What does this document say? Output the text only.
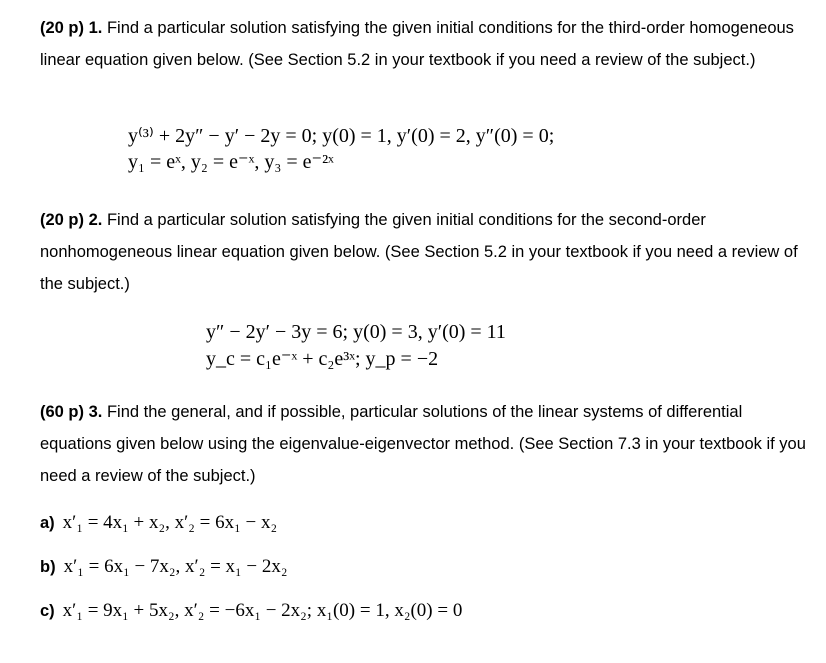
(20 p) 1. Find a particular solution satisfying the given initial conditions for the third-order homogeneous linear equation given below. (See Section 5.2 in your textbook if you need a review of the subject.)
y⁽³⁾ + 2y″ − y′ − 2y = 0; y(0) = 1, y′(0) = 2, y″(0) = 0;
y₁ = eˣ, y₂ = e⁻ˣ, y₃ = e⁻²ˣ
(20 p) 2. Find a particular solution satisfying the given initial conditions for the second-order nonhomogeneous linear equation given below. (See Section 5.2 in your textbook if you need a review of the subject.)
y″ − 2y′ − 3y = 6; y(0) = 3, y′(0) = 11
y_c = c₁e⁻ˣ + c₂e³ˣ; y_p = −2
(60 p) 3. Find the general, and if possible, particular solutions of the linear systems of differential equations given below using the eigenvalue-eigenvector method. (See Section 7.3 in your textbook if you need a review of the subject.)
a) x′₁ = 4x₁ + x₂, x′₂ = 6x₁ − x₂
b) x′₁ = 6x₁ − 7x₂, x′₂ = x₁ − 2x₂
c) x′₁ = 9x₁ + 5x₂, x′₂ = −6x₁ − 2x₂; x₁(0) = 1, x₂(0) = 0
